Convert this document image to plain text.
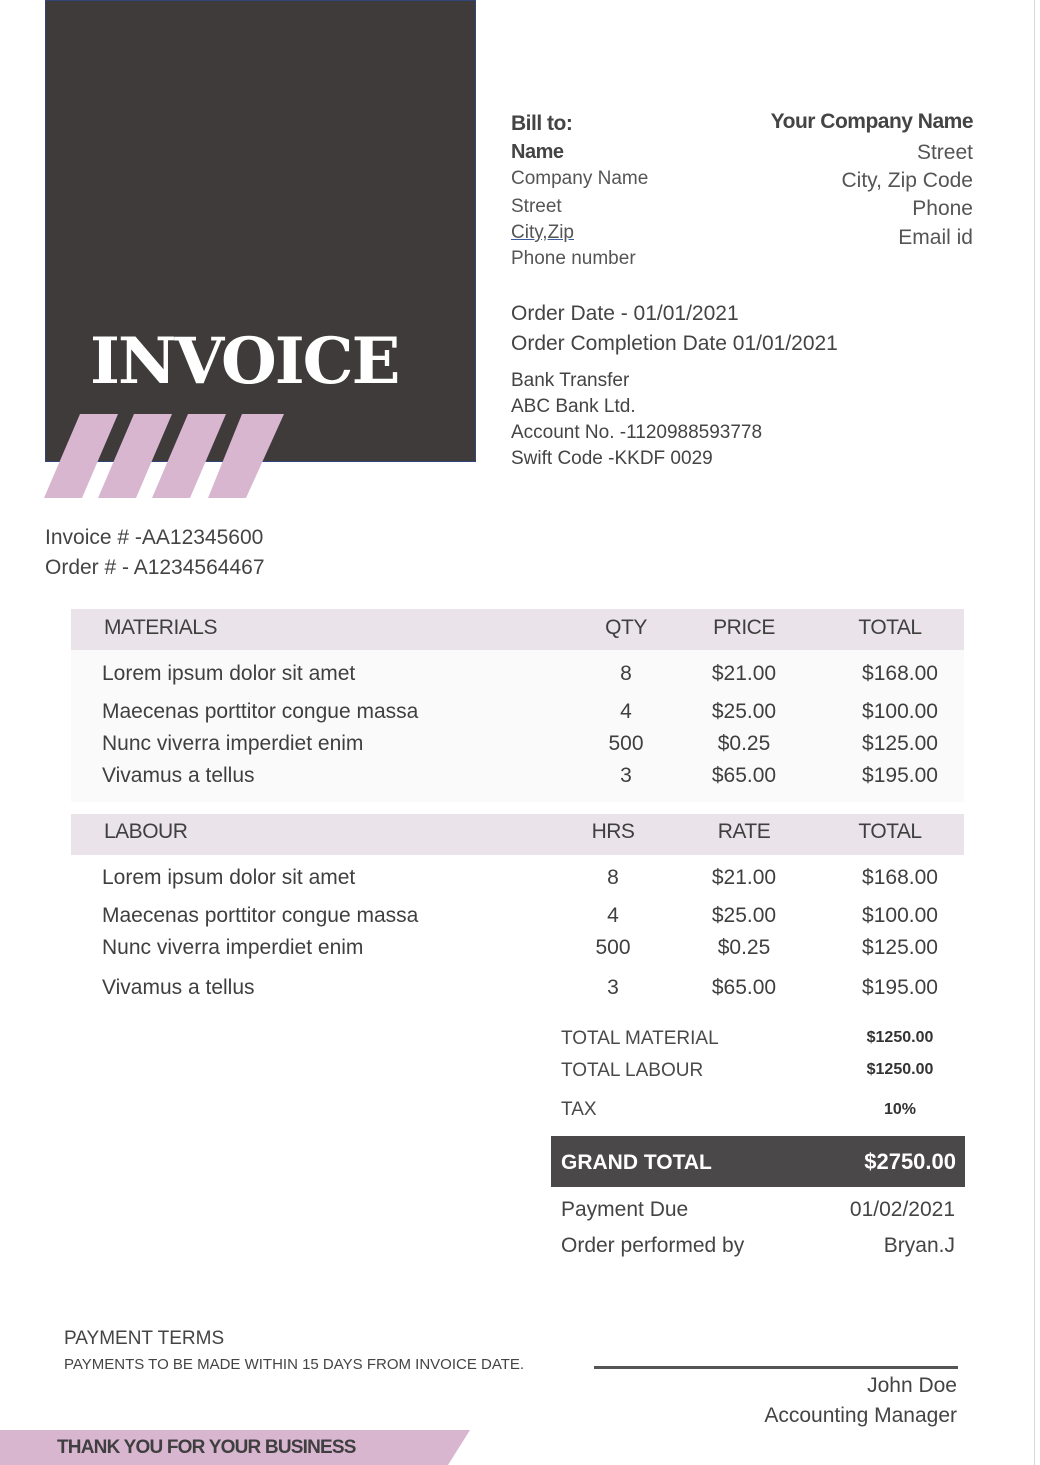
INVOICE
Bill to:
Name
Company Name
Street
City,Zip
Phone number
Your Company Name
Street
City, Zip Code
Phone
Email id
Order Date - 01/01/2021
Order Completion Date 01/01/2021
Bank Transfer
ABC Bank Ltd.
Account No. -1120988593778
Swift Code -KKDF 0029
Invoice # -AA12345600
Order # - A1234564467
MATERIALS	QTY	PRICE	TOTAL
Lorem ipsum dolor sit amet	8	$21.00	$168.00
Maecenas porttitor congue massa	4	$25.00	$100.00
Nunc viverra imperdiet enim	500	$0.25	$125.00
Vivamus a tellus	3	$65.00	$195.00
LABOUR	HRS	RATE	TOTAL
Lorem ipsum dolor sit amet	8	$21.00	$168.00
Maecenas porttitor congue massa	4	$25.00	$100.00
Nunc viverra imperdiet enim	500	$0.25	$125.00
Vivamus a tellus	3	$65.00	$195.00
TOTAL MATERIAL	$1250.00
TOTAL LABOUR	$1250.00
TAX	10%
GRAND TOTAL	$2750.00
Payment Due	01/02/2021
Order performed by	Bryan.J
PAYMENT TERMS
PAYMENTS TO BE MADE WITHIN 15 DAYS FROM INVOICE DATE.
John Doe
Accounting Manager
THANK YOU FOR YOUR BUSINESS
